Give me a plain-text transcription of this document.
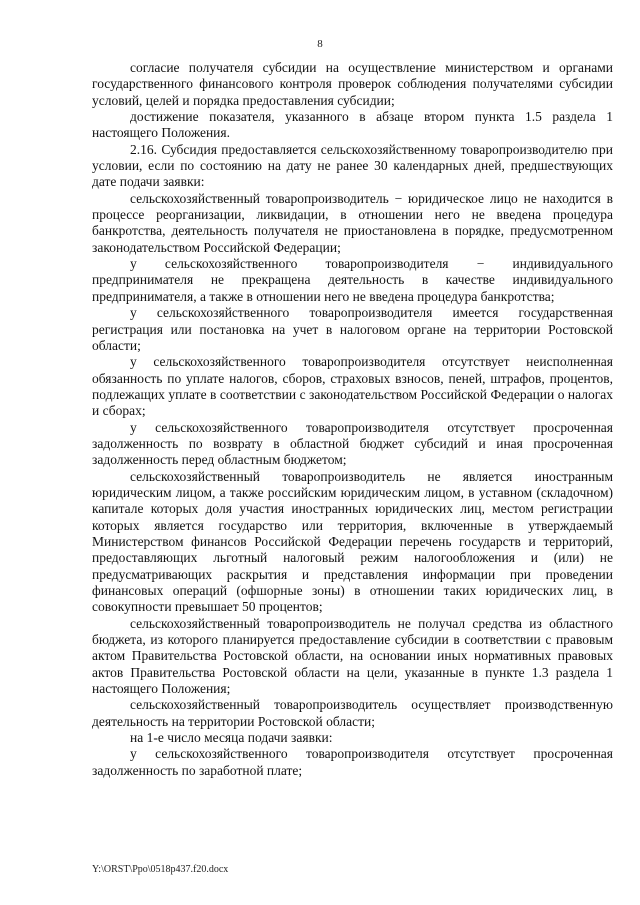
8

согласие получателя субсидии на осуществление министерством и органами государственного финансового контроля проверок соблюдения получателями субсидии условий, целей и порядка предоставления субсидии;

достижение показателя, указанного в абзаце втором пункта 1.5 раздела 1 настоящего Положения.

2.16. Субсидия предоставляется сельскохозяйственному товаропроизводителю при условии, если по состоянию на дату не ранее 30 календарных дней, предшествующих дате подачи заявки:

сельскохозяйственный товаропроизводитель − юридическое лицо не находится в процессе реорганизации, ликвидации, в отношении него не введена процедура банкротства, деятельность получателя не приостановлена в порядке, предусмотренном законодательством Российской Федерации;

у сельскохозяйственного товаропроизводителя − индивидуального предпринимателя не прекращена деятельность в качестве индивидуального предпринимателя, а также в отношении него не введена процедура банкротства;

у сельскохозяйственного товаропроизводителя имеется государственная регистрация или постановка на учет в налоговом органе на территории Ростовской области;

у сельскохозяйственного товаропроизводителя отсутствует неисполненная обязанность по уплате налогов, сборов, страховых взносов, пеней, штрафов, процентов, подлежащих уплате в соответствии с законодательством Российской Федерации о налогах и сборах;

у сельскохозяйственного товаропроизводителя отсутствует просроченная задолженность по возврату в областной бюджет субсидий и иная просроченная задолженность перед областным бюджетом;

сельскохозяйственный товаропроизводитель не является иностранным юридическим лицом, а также российским юридическим лицом, в уставном (складочном) капитале которых доля участия иностранных юридических лиц, местом регистрации которых является государство или территория, включенные в утверждаемый Министерством финансов Российской Федерации перечень государств и территорий, предоставляющих льготный налоговый режим налогообложения и (или) не предусматривающих раскрытия и представления информации при проведении финансовых операций (офшорные зоны) в отношении таких юридических лиц, в совокупности превышает 50 процентов;

сельскохозяйственный товаропроизводитель не получал средства из областного бюджета, из которого планируется предоставление субсидии в соответствии с правовым актом Правительства Ростовской области, на основании иных нормативных правовых актов Правительства Ростовской области на цели, указанные в пункте 1.3 раздела 1 настоящего Положения;

сельскохозяйственный товаропроизводитель осуществляет производственную деятельность на территории Ростовской области;

на 1-е число месяца подачи заявки:

у сельскохозяйственного товаропроизводителя отсутствует просроченная задолженность по заработной плате;

Y:\ORST\Ppo\0518p437.f20.docx
